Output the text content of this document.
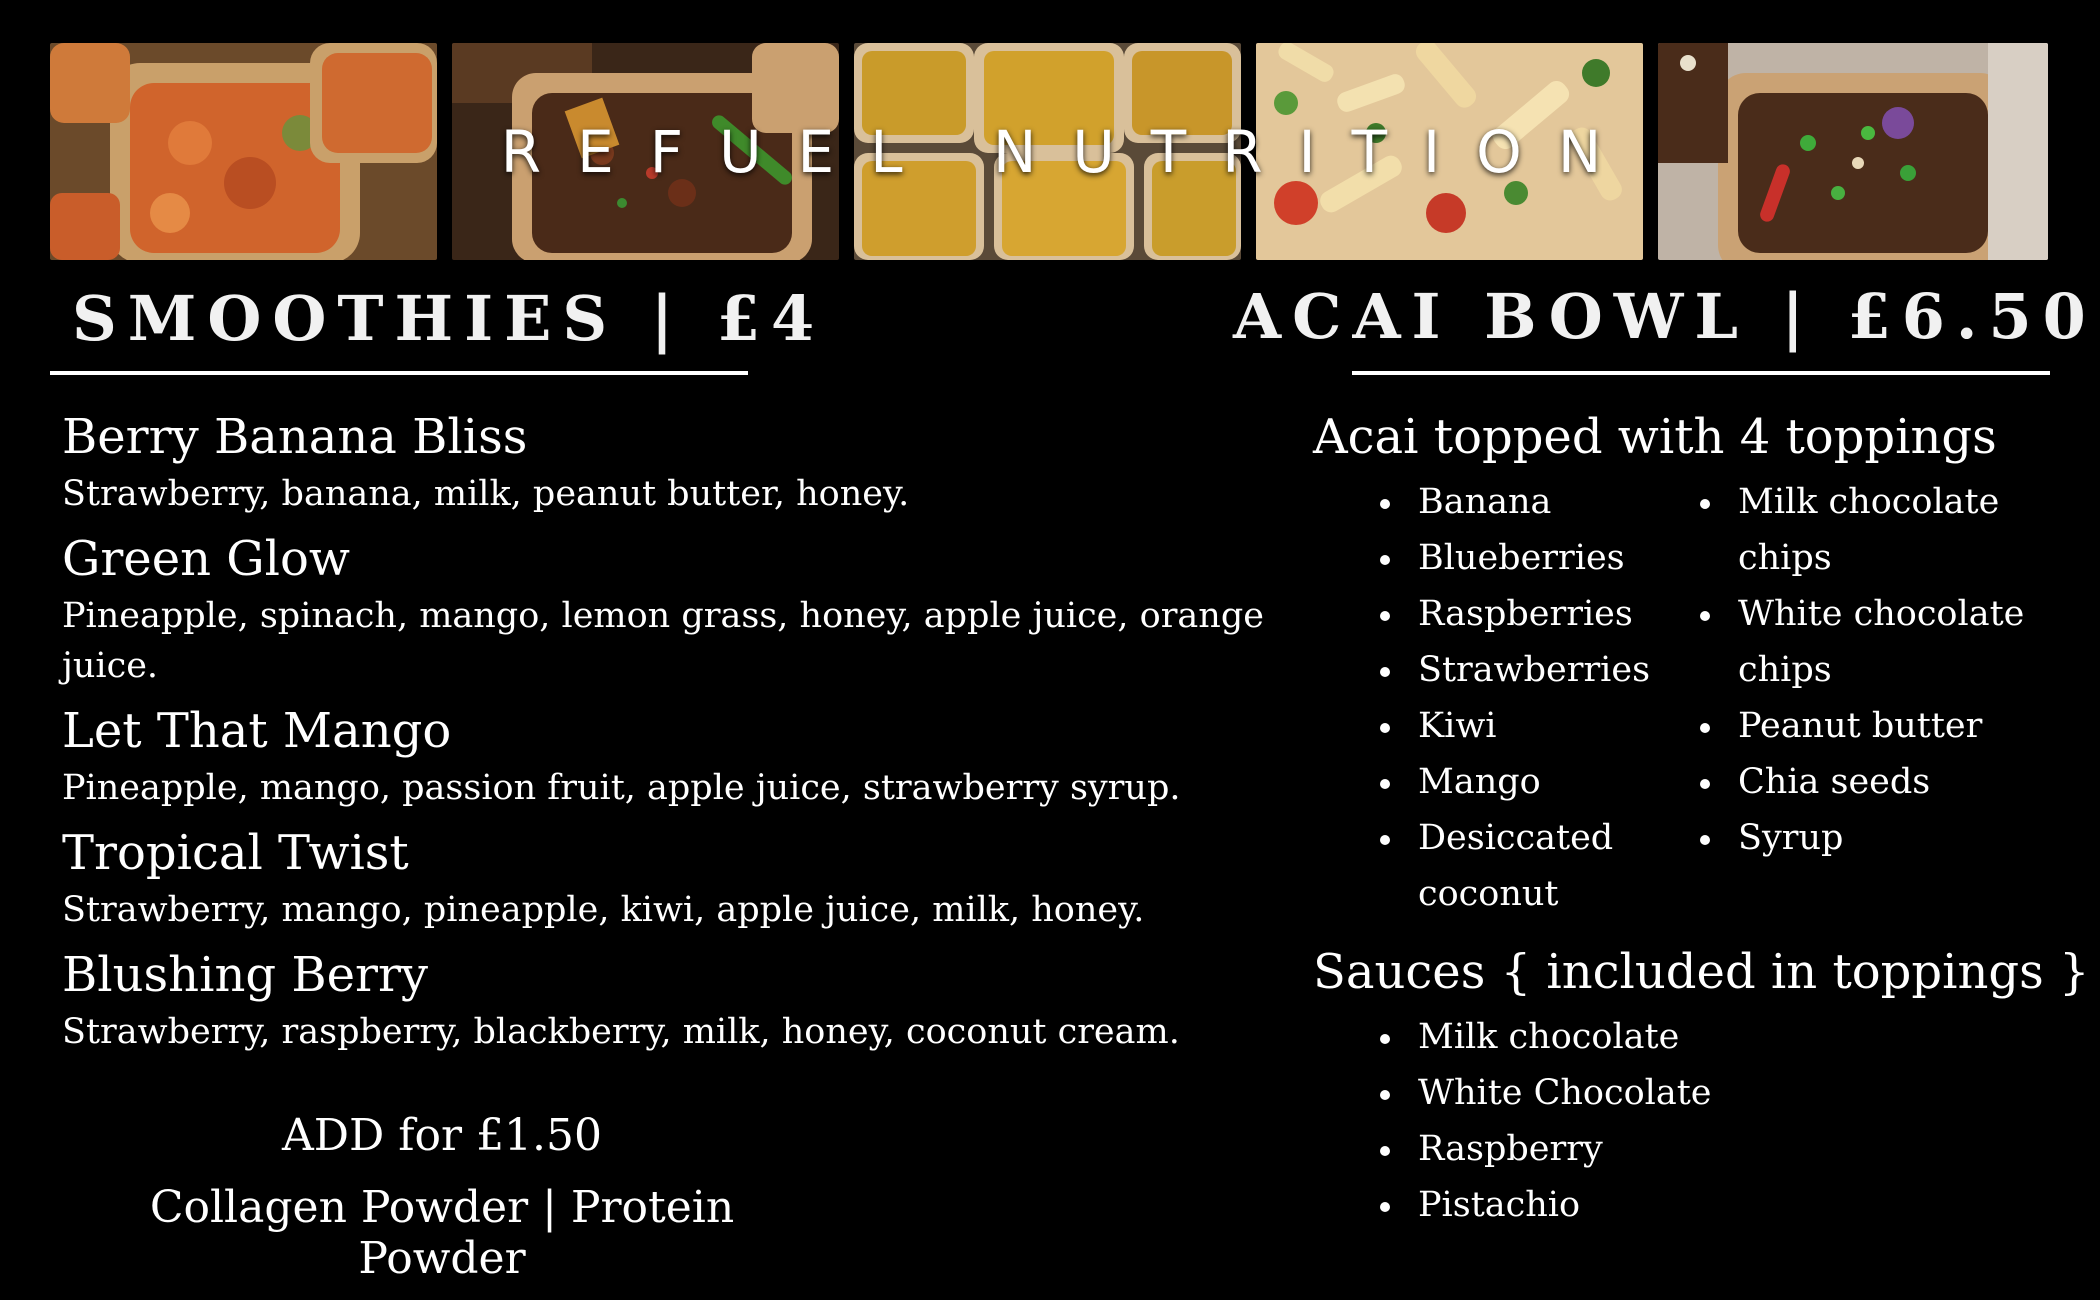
REFUEL NUTRITION
SMOOTHIES | £4	ACAI BOWL | £6.50
Berry Banana Bliss
Strawberry, banana, milk, peanut butter, honey.
Green Glow
Pineapple, spinach, mango, lemon grass, honey, apple juice, orange juice.
Let That Mango
Pineapple, mango, passion fruit, apple juice, strawberry syrup.
Tropical Twist
Strawberry, mango, pineapple, kiwi, apple juice, milk, honey.
Blushing Berry
Strawberry, raspberry, blackberry, milk, honey, coconut cream.
ADD for £1.50
Collagen Powder | Protein Powder
Acai topped with 4 toppings
Banana
Blueberries
Raspberries
Strawberries
Kiwi
Mango
Desiccated coconut
Milk chocolate chips
White chocolate chips
Peanut butter
Chia seeds
Syrup
Sauces { included in toppings }
Milk chocolate
White Chocolate
Raspberry
Pistachio
